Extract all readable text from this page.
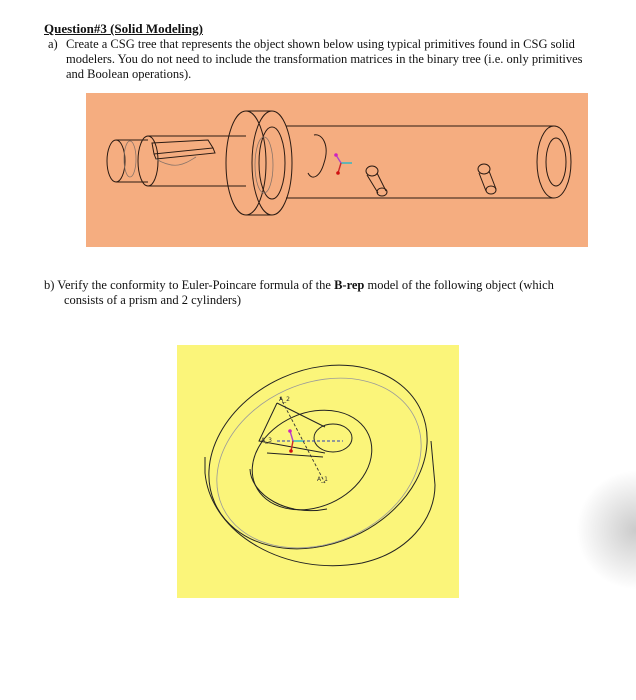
Question#3 (Solid Modeling)
a) Create a CSG tree that represents the object shown below using typical primitives found in CSG solid modelers. You do not need to include the transformation matrices in the binary tree (i.e. only primitives and Boolean operations).
b) Verify the conformity to Euler-Poincare formula of the B-rep model of the following object (which
consists of a prism and 2 cylinders)
A_2
A_3
A_1
